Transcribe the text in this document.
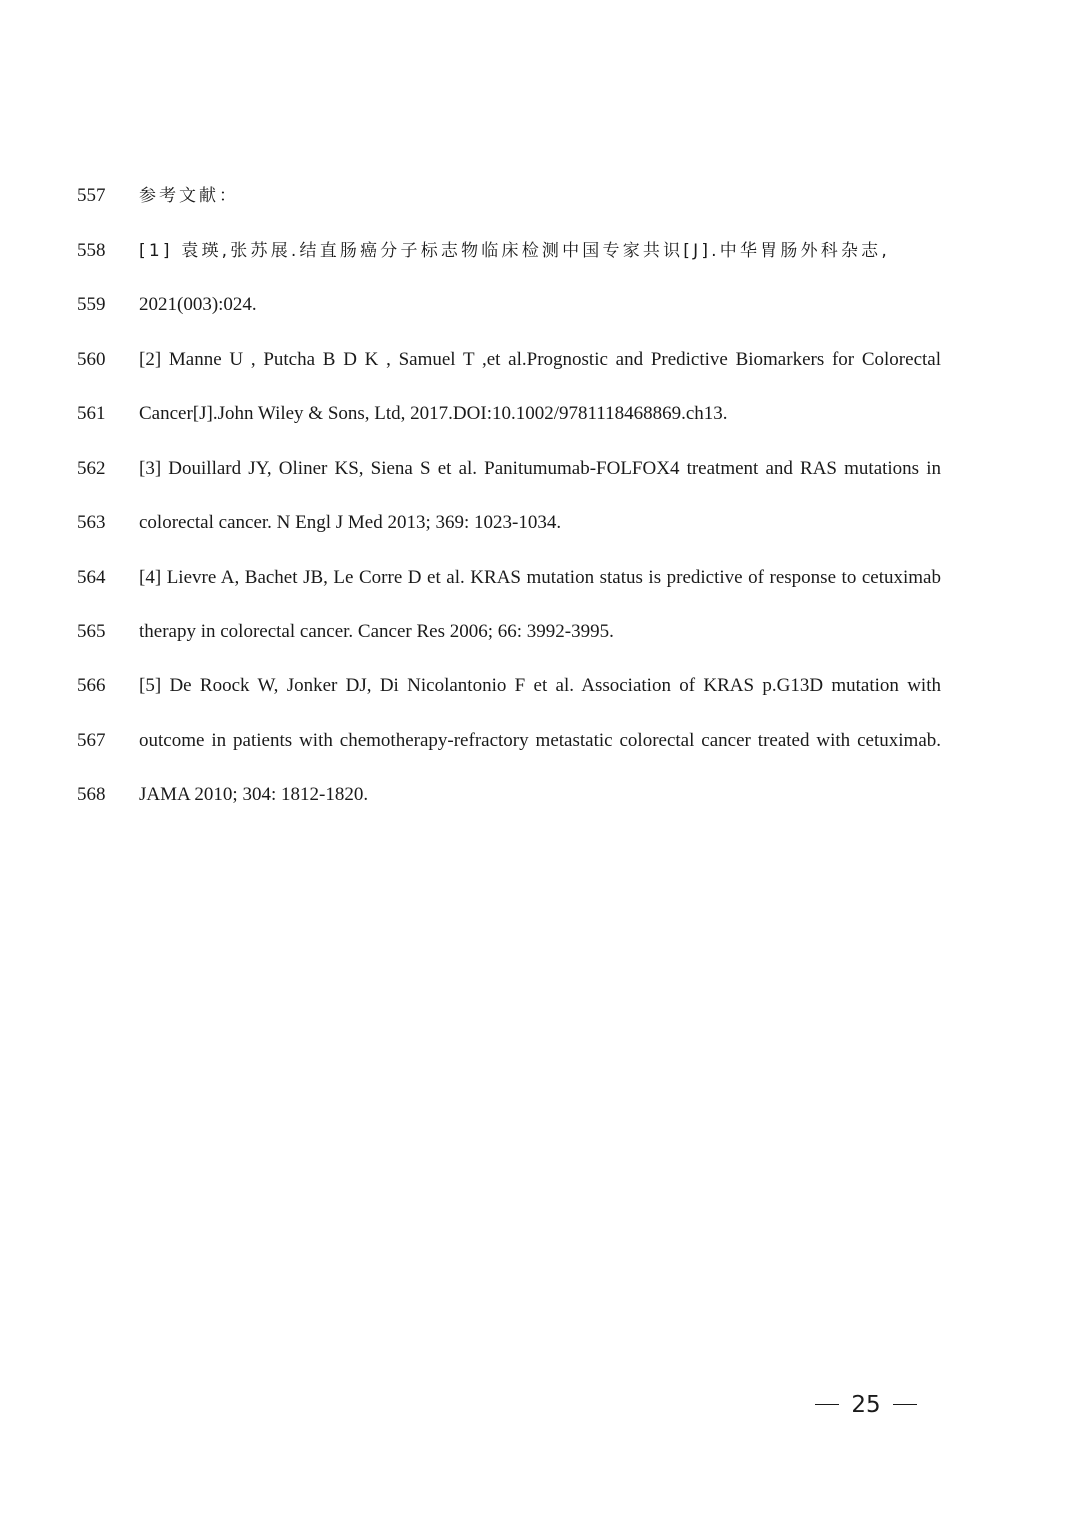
557 参考文献：
558 [1] 袁瑛,张苏展.结直肠癌分子标志物临床检测中国专家共识[J].中华胃肠外科杂志,
559 2021(003):024.
560 [2] Manne U , Putcha B D K , Samuel T ,et al.Prognostic and Predictive Biomarkers for Colorectal
561 Cancer[J].John Wiley & Sons, Ltd, 2017.DOI:10.1002/9781118468869.ch13.
562 [3] Douillard JY, Oliner KS, Siena S et al. Panitumumab-FOLFOX4 treatment and RAS mutations in
563 colorectal cancer. N Engl J Med 2013; 369: 1023-1034.
564 [4] Lievre A, Bachet JB, Le Corre D et al. KRAS mutation status is predictive of response to cetuximab
565 therapy in colorectal cancer. Cancer Res 2006; 66: 3992-3995.
566 [5] De Roock W, Jonker DJ, Di Nicolantonio F et al. Association of KRAS p.G13D mutation with
567 outcome in patients with chemotherapy-refractory metastatic colorectal cancer treated with cetuximab.
568 JAMA 2010; 304: 1812-1820.
25
